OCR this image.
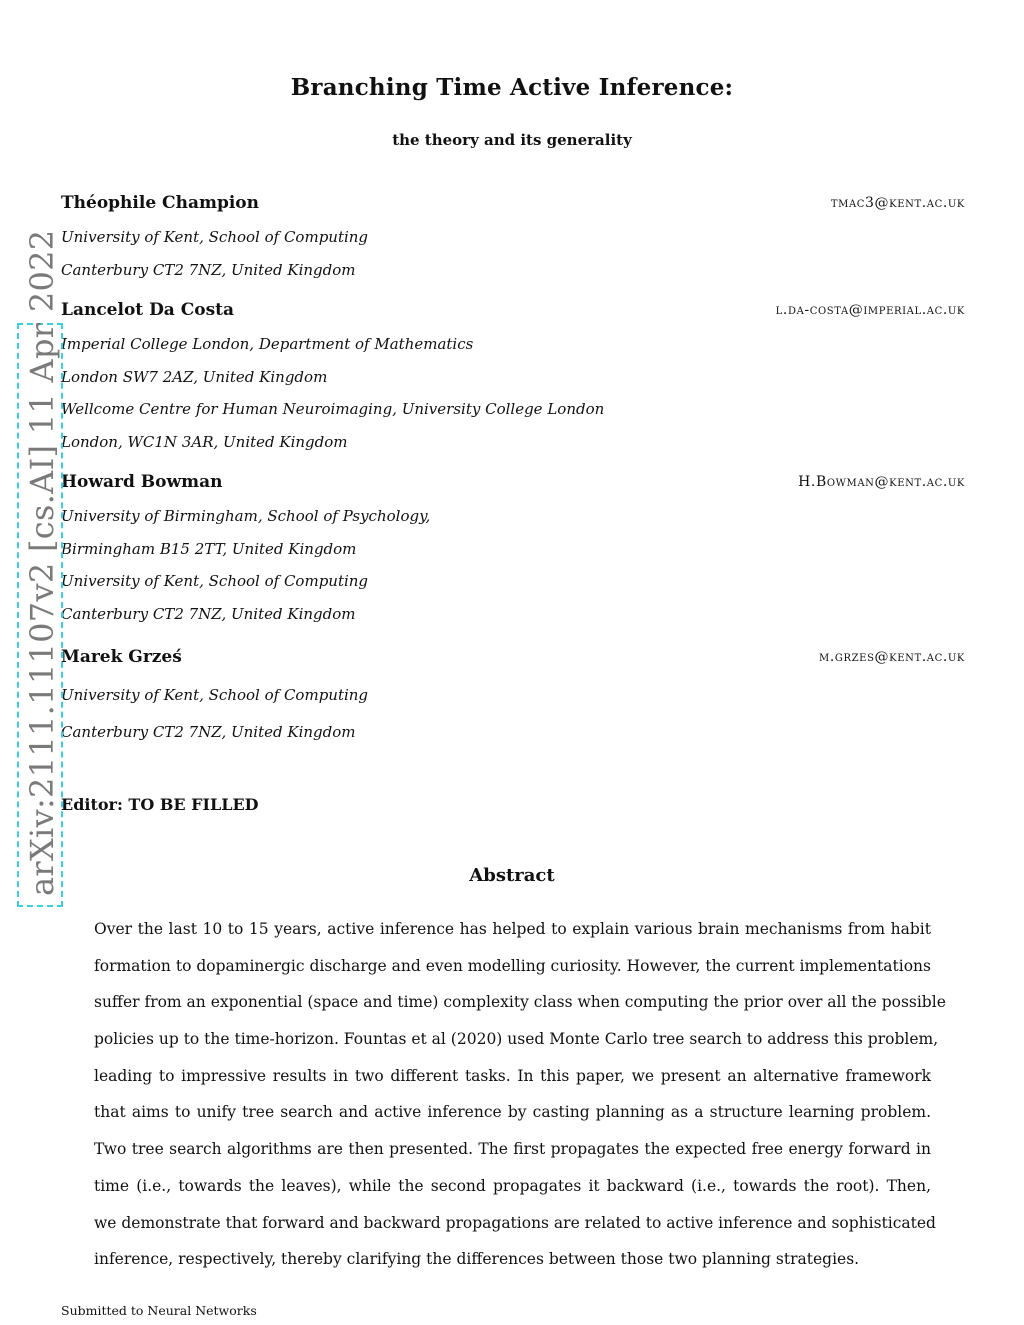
Branching Time Active Inference:
the theory and its generality
Théophile Champion	tmac3@kent.ac.uk
University of Kent, School of Computing
Canterbury CT2 7NZ, United Kingdom
Lancelot Da Costa	l.da-costa@imperial.ac.uk
Imperial College London, Department of Mathematics
London SW7 2AZ, United Kingdom
Wellcome Centre for Human Neuroimaging, University College London
London, WC1N 3AR, United Kingdom
Howard Bowman	H.Bowman@kent.ac.uk
University of Birmingham, School of Psychology,
Birmingham B15 2TT, United Kingdom
University of Kent, School of Computing
Canterbury CT2 7NZ, United Kingdom
Marek Grześ	m.grzes@kent.ac.uk
University of Kent, School of Computing
Canterbury CT2 7NZ, United Kingdom
Editor: TO BE FILLED
Abstract
Over the last 10 to 15 years, active inference has helped to explain various brain mechanisms from habit
formation to dopaminergic discharge and even modelling curiosity. However, the current implementations
suffer from an exponential (space and time) complexity class when computing the prior over all the possible
policies up to the time-horizon. Fountas et al (2020) used Monte Carlo tree search to address this problem,
leading to impressive results in two different tasks. In this paper, we present an alternative framework
that aims to unify tree search and active inference by casting planning as a structure learning problem.
Two tree search algorithms are then presented. The first propagates the expected free energy forward in
time (i.e., towards the leaves), while the second propagates it backward (i.e., towards the root). Then,
we demonstrate that forward and backward propagations are related to active inference and sophisticated
inference, respectively, thereby clarifying the differences between those two planning strategies.
Submitted to Neural Networks
arXiv:2111.11107v2 [cs.AI] 11 Apr 2022
